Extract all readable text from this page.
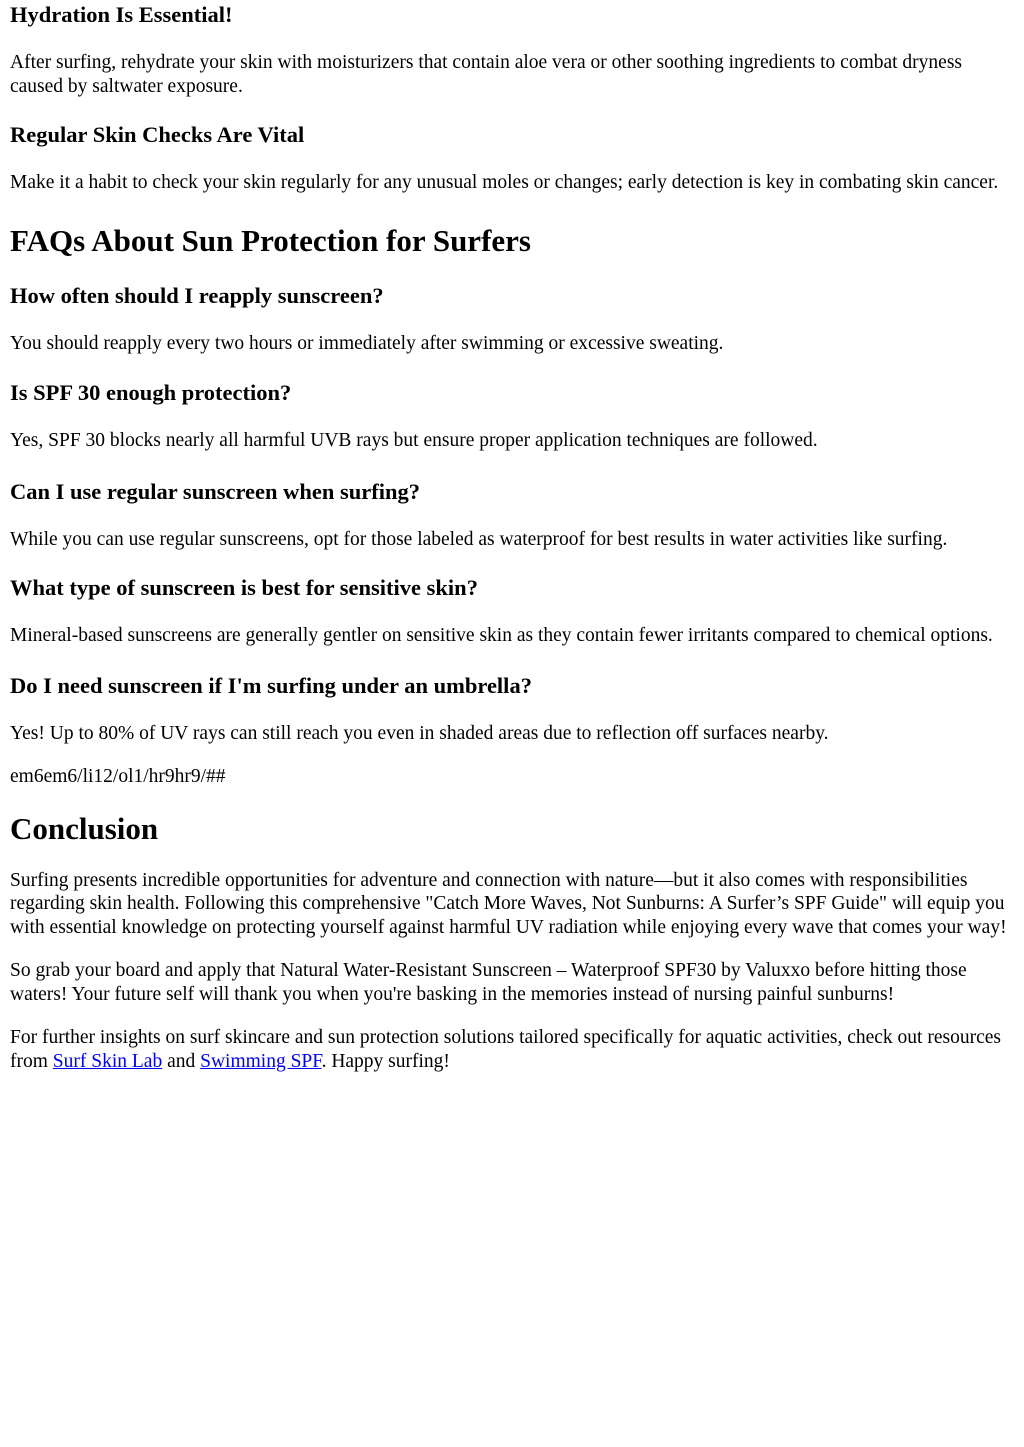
Hydration Is Essential!

After surfing, rehydrate your skin with moisturizers that contain aloe vera or other soothing ingredients to combat dryness caused by saltwater exposure.

Regular Skin Checks Are Vital

Make it a habit to check your skin regularly for any unusual moles or changes; early detection is key in combating skin cancer.

FAQs About Sun Protection for Surfers
How often should I reapply sunscreen?

You should reapply every two hours or immediately after swimming or excessive sweating.

Is SPF 30 enough protection?

Yes, SPF 30 blocks nearly all harmful UVB rays but ensure proper application techniques are followed.

Can I use regular sunscreen when surfing?

While you can use regular sunscreens, opt for those labeled as waterproof for best results in water activities like surfing.

What type of sunscreen is best for sensitive skin?

Mineral-based sunscreens are generally gentler on sensitive skin as they contain fewer irritants compared to chemical options.

Do I need sunscreen if I'm surfing under an umbrella?

Yes! Up to 80% of UV rays can still reach you even in shaded areas due to reflection off surfaces nearby.

em6em6/li12/ol1/hr9hr9/##

Conclusion

Surfing presents incredible opportunities for adventure and connection with nature—but it also comes with responsibilities regarding skin health. Following this comprehensive "Catch More Waves, Not Sunburns: A Surfer’s SPF Guide" will equip you with essential knowledge on protecting yourself against harmful UV radiation while enjoying every wave that comes your way!

So grab your board and apply that Natural Water-Resistant Sunscreen – Waterproof SPF30 by Valuxxo before hitting those waters! Your future self will thank you when you're basking in the memories instead of nursing painful sunburns!

For further insights on surf skincare and sun protection solutions tailored specifically for aquatic activities, check out resources from Surf Skin Lab and Swimming SPF. Happy surfing!
